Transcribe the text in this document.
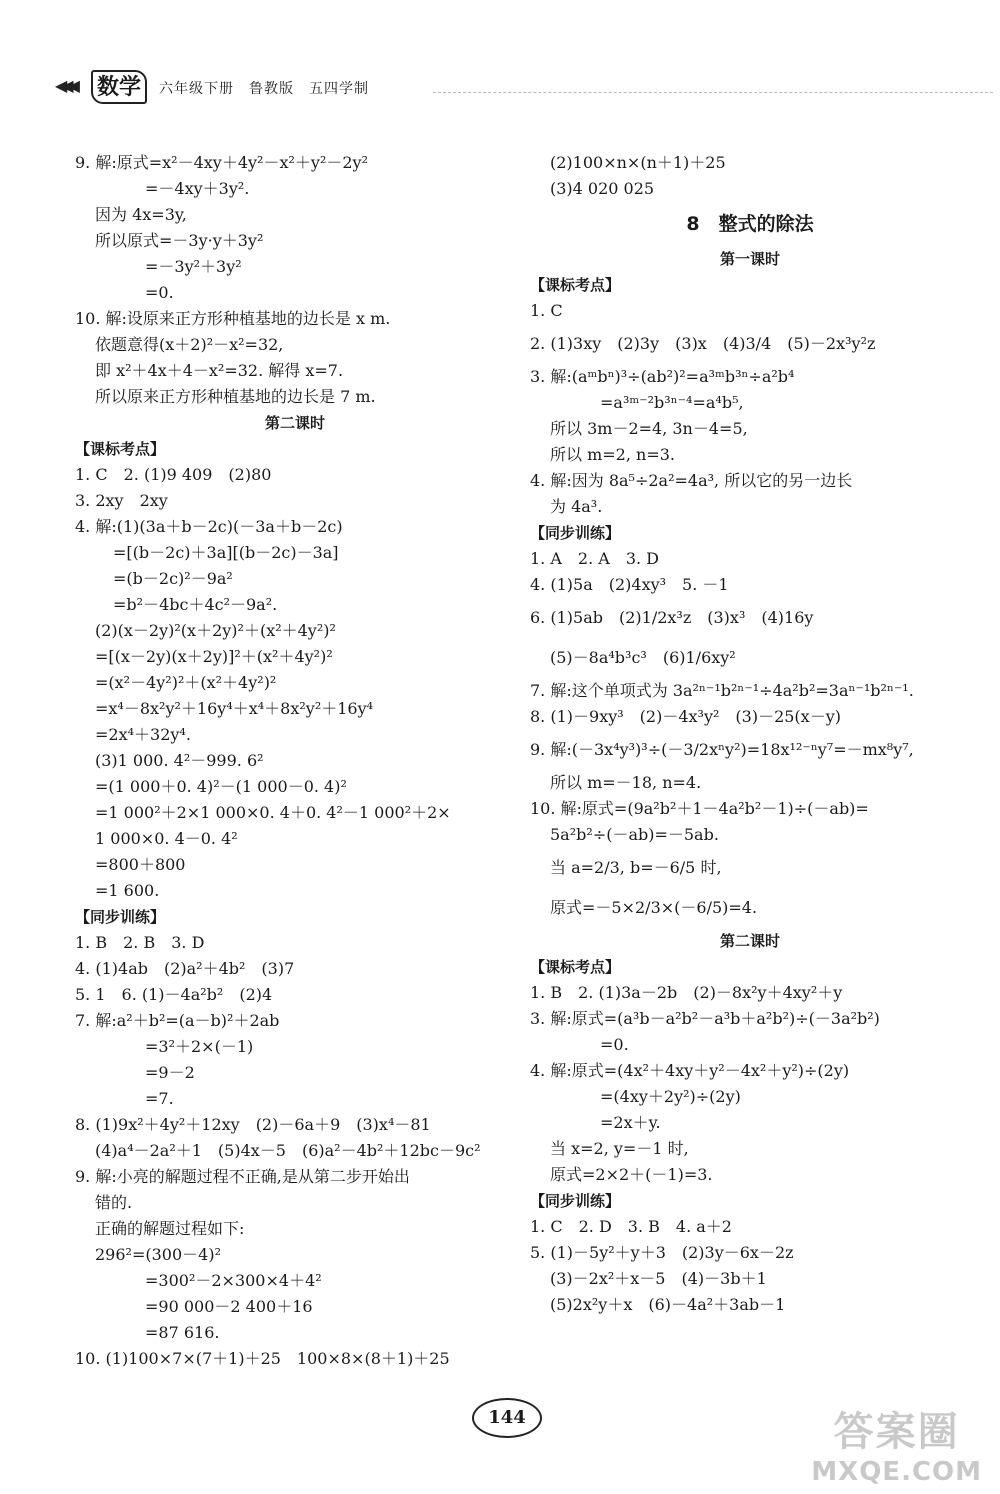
◀◀◀ 数学	六年级下册　鲁教版　五四学制
9. 解:原式=x²－4xy＋4y²－x²＋y²－2y²
=－4xy＋3y².
因为 4x=3y,
所以原式=－3y·y＋3y²
=－3y²＋3y²
=0.
10. 解:设原来正方形种植基地的边长是 x m.
依题意得(x＋2)²－x²=32,
即 x²＋4x＋4－x²=32. 解得 x=7.
所以原来正方形种植基地的边长是 7 m.
第二课时
【课标考点】
1. C　2. (1)9 409　(2)80
3. 2xy　2xy
4. 解:(1)(3a＋b－2c)(－3a＋b－2c)
=[(b－2c)＋3a][(b－2c)－3a]
=(b－2c)²－9a²
=b²－4bc＋4c²－9a².
(2)(x－2y)²(x＋2y)²＋(x²＋4y²)²
=[(x－2y)(x＋2y)]²＋(x²＋4y²)²
=(x²－4y²)²＋(x²＋4y²)²
=x⁴－8x²y²＋16y⁴＋x⁴＋8x²y²＋16y⁴
=2x⁴＋32y⁴.
(3)1 000. 4²－999. 6²
=(1 000＋0. 4)²－(1 000－0. 4)²
=1 000²＋2×1 000×0. 4＋0. 4²－1 000²＋2×
1 000×0. 4－0. 4²
=800＋800
=1 600.
【同步训练】
1. B　2. B　3. D
4. (1)4ab　(2)a²＋4b²　(3)7
5. 1　6. (1)－4a²b²　(2)4
7. 解:a²＋b²=(a－b)²＋2ab
=3²＋2×(－1)
=9－2
=7.
8. (1)9x²＋4y²＋12xy　(2)－6a＋9　(3)x⁴－81
(4)a⁴－2a²＋1　(5)4x－5　(6)a²－4b²＋12bc－9c²
9. 解:小亮的解题过程不正确,是从第二步开始出
错的.
正确的解题过程如下:
296²=(300－4)²
=300²－2×300×4＋4²
=90 000－2 400＋16
=87 616.
10. (1)100×7×(7＋1)＋25　100×8×(8＋1)＋25
(2)100×n×(n＋1)＋25
(3)4 020 025
8　整式的除法
第一课时
【课标考点】
1. C
2. (1)3xy　(2)3y　(3)x　(4)3/4　(5)－2x³y²z
3. 解:(aᵐbⁿ)³÷(ab²)²=a³ᵐb³ⁿ÷a²b⁴
=a³ᵐ⁻²b³ⁿ⁻⁴=a⁴b⁵,
所以 3m－2=4, 3n－4=5,
所以 m=2, n=3.
4. 解:因为 8a⁵÷2a²=4a³, 所以它的另一边长
为 4a³.
【同步训练】
1. A　2. A　3. D
4. (1)5a　(2)4xy³　5. －1
6. (1)5ab　(2)1/2x³z　(3)x³　(4)16y
(5)－8a⁴b³c³　(6)1/6xy²
7. 解:这个单项式为 3a²ⁿ⁻¹b²ⁿ⁻¹÷4a²b²=3aⁿ⁻¹b²ⁿ⁻¹.
8. (1)－9xy³　(2)－4x³y²　(3)－25(x－y)
9. 解:(－3x⁴y³)³÷(－3/2xⁿy²)=18x¹²⁻ⁿy⁷=－mx⁸y⁷,
所以 m=－18, n=4.
10. 解:原式=(9a²b²＋1－4a²b²－1)÷(－ab)=
5a²b²÷(－ab)=－5ab.
当 a=2/3, b=－6/5 时,
原式=－5×2/3×(－6/5)=4.
第二课时
【课标考点】
1. B　2. (1)3a－2b　(2)－8x²y＋4xy²＋y
3. 解:原式=(a³b－a²b²－a³b＋a²b²)÷(－3a²b²)
=0.
4. 解:原式=(4x²＋4xy＋y²－4x²＋y²)÷(2y)
=(4xy＋2y²)÷(2y)
=2x＋y.
当 x=2, y=－1 时,
原式=2×2＋(－1)=3.
【同步训练】
1. C　2. D　3. B　4. a＋2
5. (1)－5y²＋y＋3　(2)3y－6x－2z
(3)－2x²＋x－5　(4)－3b＋1
(5)2x²y＋x　(6)－4a²＋3ab－1
144	答案圈
MXQE.COM
